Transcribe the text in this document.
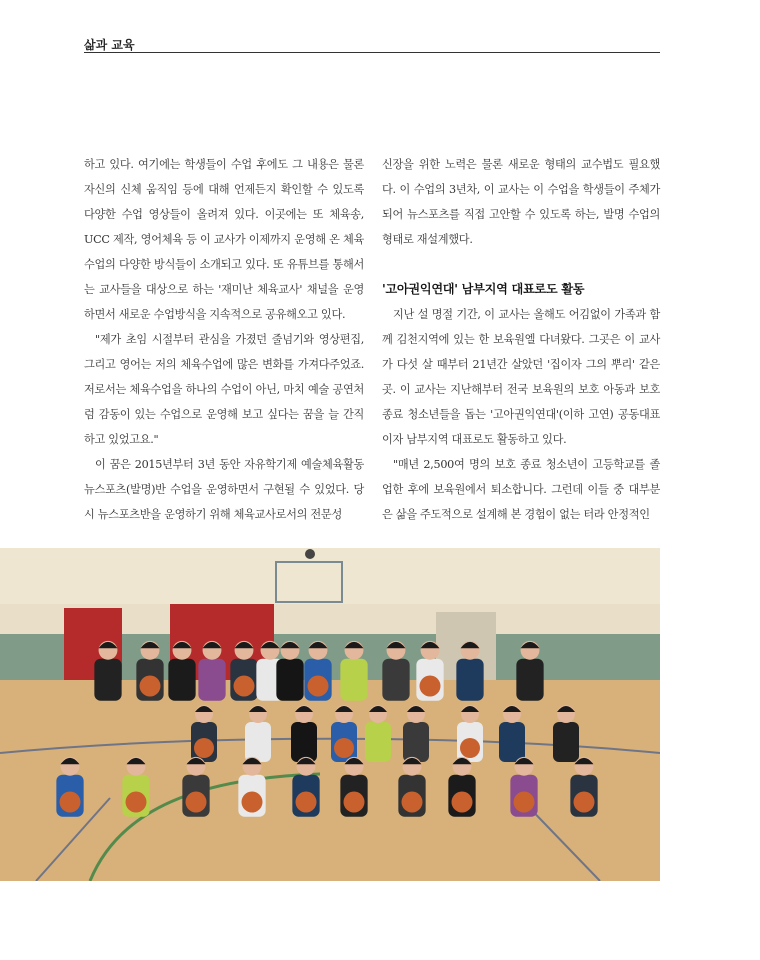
삶과 교육

하고 있다. 여기에는 학생들이 수업 후에도 그 내용은 물론 자신의 신체 움직임 등에 대해 언제든지 확인할 수 있도록 다양한 수업 영상들이 올려져 있다. 이곳에는 또 체육송, UCC 제작, 영어체육 등 이 교사가 이제까지 운영해 온 체육수업의 다양한 방식들이 소개되고 있다. 또 유튜브를 통해서는 교사들을 대상으로 하는 '재미난 체육교사' 채널을 운영하면서 새로운 수업방식을 지속적으로 공유해오고 있다.

"제가 초임 시절부터 관심을 가졌던 줄넘기와 영상편집, 그리고 영어는 저의 체육수업에 많은 변화를 가져다주었죠. 저로서는 체육수업을 하나의 수업이 아닌, 마치 예술 공연처럼 감동이 있는 수업으로 운영해 보고 싶다는 꿈을 늘 간직하고 있었고요."

이 꿈은 2015년부터 3년 동안 자유학기제 예술체육활동 뉴스포츠(발명)반 수업을 운영하면서 구현될 수 있었다. 당시 뉴스포츠반을 운영하기 위해 체육교사로서의 전문성

신장을 위한 노력은 물론 새로운 형태의 교수법도 필요했다. 이 수업의 3년차, 이 교사는 이 수업을 학생들이 주체가 되어 뉴스포츠를 직접 고안할 수 있도록 하는, 발명 수업의 형태로 재설계했다.

'고아권익연대' 남부지역 대표로도 활동

지난 설 명절 기간, 이 교사는 올해도 어김없이 가족과 함께 김천지역에 있는 한 보육원엘 다녀왔다. 그곳은 이 교사가 다섯 살 때부터 21년간 살았던 '집이자 그의 뿌리' 같은 곳. 이 교사는 지난해부터 전국 보육원의 보호 아동과 보호종료 청소년들을 돕는 '고아권익연대'(이하 고연) 공동대표이자 남부지역 대표로도 활동하고 있다.

"매년 2,500여 명의 보호 종료 청소년이 고등학교를 졸업한 후에 보육원에서 퇴소합니다. 그런데 이들 중 대부분은 삶을 주도적으로 설계해 본 경험이 없는 터라 안정적인
